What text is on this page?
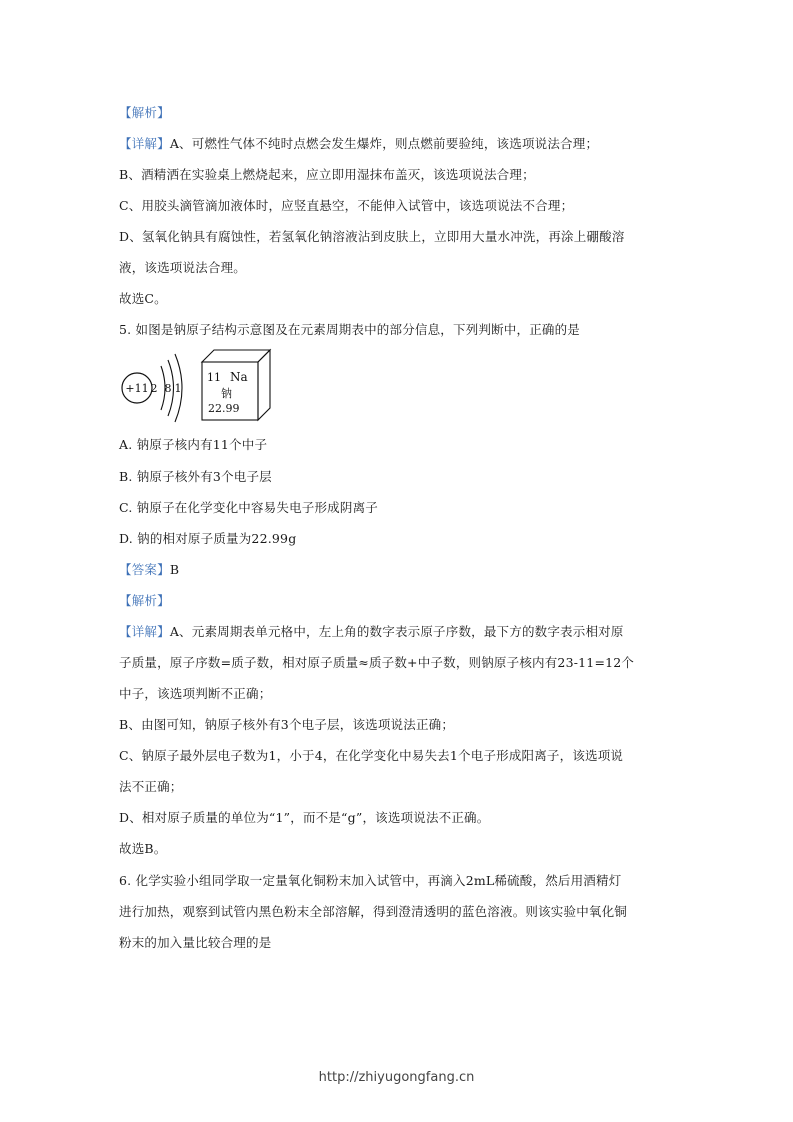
【解析】
【详解】A、可燃性气体不纯时点燃会发生爆炸，则点燃前要验纯，该选项说法合理；
B、酒精洒在实验桌上燃烧起来，应立即用湿抹布盖灭，该选项说法合理；
C、用胶头滴管滴加液体时，应竖直悬空，不能伸入试管中，该选项说法不合理；
D、氢氧化钠具有腐蚀性，若氢氧化钠溶液沾到皮肤上，立即用大量水冲洗，再涂上硼酸溶
液，该选项说法合理。
故选C。
5. 如图是钠原子结构示意图及在元素周期表中的部分信息，下列判断中，正确的是
+11 2 8 1
11 Na
钠
22.99
A. 钠原子核内有11个中子
B. 钠原子核外有3个电子层
C. 钠原子在化学变化中容易失电子形成阴离子
D. 钠的相对原子质量为22.99g
【答案】B
【解析】
【详解】A、元素周期表单元格中，左上角的数字表示原子序数，最下方的数字表示相对原
子质量，原子序数=质子数，相对原子质量≈质子数+中子数，则钠原子核内有23-11=12个
中子，该选项判断不正确；
B、由图可知，钠原子核外有3个电子层，该选项说法正确；
C、钠原子最外层电子数为1，小于4，在化学变化中易失去1个电子形成阳离子，该选项说
法不正确；
D、相对原子质量的单位为“1”，而不是“g”，该选项说法不正确。
故选B。
6. 化学实验小组同学取一定量氧化铜粉末加入试管中，再滴入2mL稀硫酸，然后用酒精灯
进行加热，观察到试管内黑色粉末全部溶解，得到澄清透明的蓝色溶液。则该实验中氧化铜
粉末的加入量比较合理的是
http://zhiyugongfang.cn
